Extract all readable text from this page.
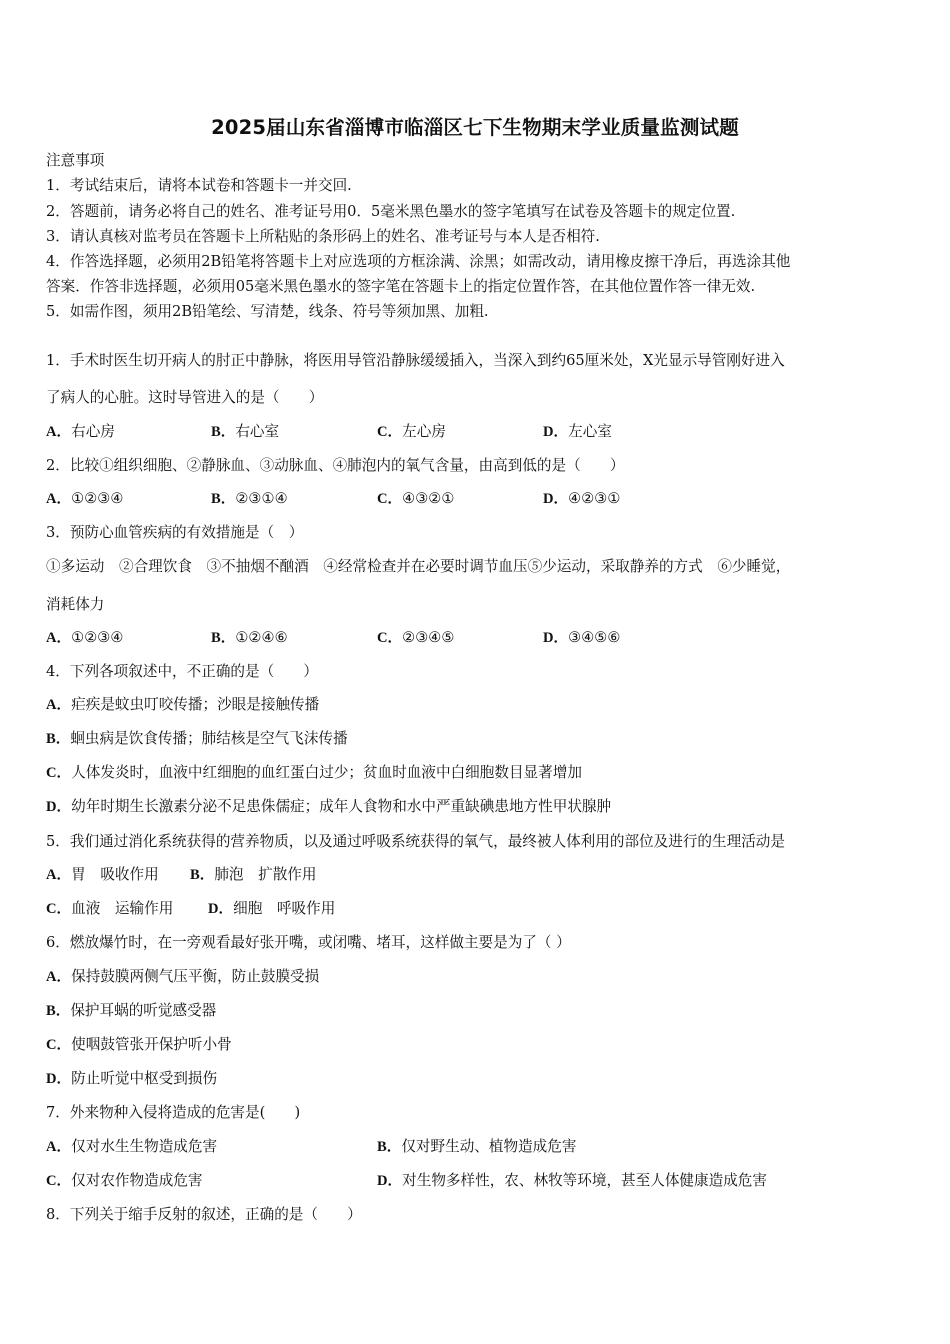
2025届山东省淄博市临淄区七下生物期末学业质量监测试题
注意事项
1．考试结束后，请将本试卷和答题卡一并交回.
2．答题前，请务必将自己的姓名、准考证号用0．5毫米黑色墨水的签字笔填写在试卷及答题卡的规定位置.
3．请认真核对监考员在答题卡上所粘贴的条形码上的姓名、准考证号与本人是否相符.
4．作答选择题，必须用2B铅笔将答题卡上对应选项的方框涂满、涂黑；如需改动，请用橡皮擦干净后，再选涂其他
答案．作答非选择题，必须用05毫米黑色墨水的签字笔在答题卡上的指定位置作答，在其他位置作答一律无效.
5．如需作图，须用2B铅笔绘、写清楚，线条、符号等须加黑、加粗.
1．手术时医生切开病人的肘正中静脉，将医用导管沿静脉缓缓插入，当深入到约65厘米处，X光显示导管刚好进入
了病人的心脏。这时导管进入的是（　　）
A．右心房	B．右心室	C．左心房	D．左心室
2．比较①组织细胞、②静脉血、③动脉血、④肺泡内的氧气含量，由高到低的是（　　）
A．①②③④	B．②③①④	C．④③②①	D．④②③①
3．预防心血管疾病的有效措施是（　）
①多运动　②合理饮食　③不抽烟不酗酒　④经常检查并在必要时调节血压⑤少运动，采取静养的方式　⑥少睡觉，
消耗体力
A．①②③④	B．①②④⑥	C．②③④⑤	D．③④⑤⑥
4．下列各项叙述中，不正确的是（　　）
A．疟疾是蚊虫叮咬传播；沙眼是接触传播
B．蛔虫病是饮食传播；肺结核是空气飞沫传播
C．人体发炎时，血液中红细胞的血红蛋白过少；贫血时血液中白细胞数目显著增加
D．幼年时期生长激素分泌不足患侏儒症；成年人食物和水中严重缺碘患地方性甲状腺肿
5．我们通过消化系统获得的营养物质，以及通过呼吸系统获得的氧气，最终被人体利用的部位及进行的生理活动是
A．胃　吸收作用 B．肺泡　扩散作用
C．血液　运输作用 D．细胞　呼吸作用
6．燃放爆竹时，在一旁观看最好张开嘴，或闭嘴、堵耳，这样做主要是为了（ ）
A．保持鼓膜两侧气压平衡，防止鼓膜受损
B．保护耳蜗的听觉感受器
C．使咽鼓管张开保护听小骨
D．防止听觉中枢受到损伤
7．外来物种入侵将造成的危害是(　　)
A．仅对水生生物造成危害	B．仅对野生动、植物造成危害
C．仅对农作物造成危害	D．对生物多样性，农、林牧等环境，甚至人体健康造成危害
8．下列关于缩手反射的叙述，正确的是（　　）
